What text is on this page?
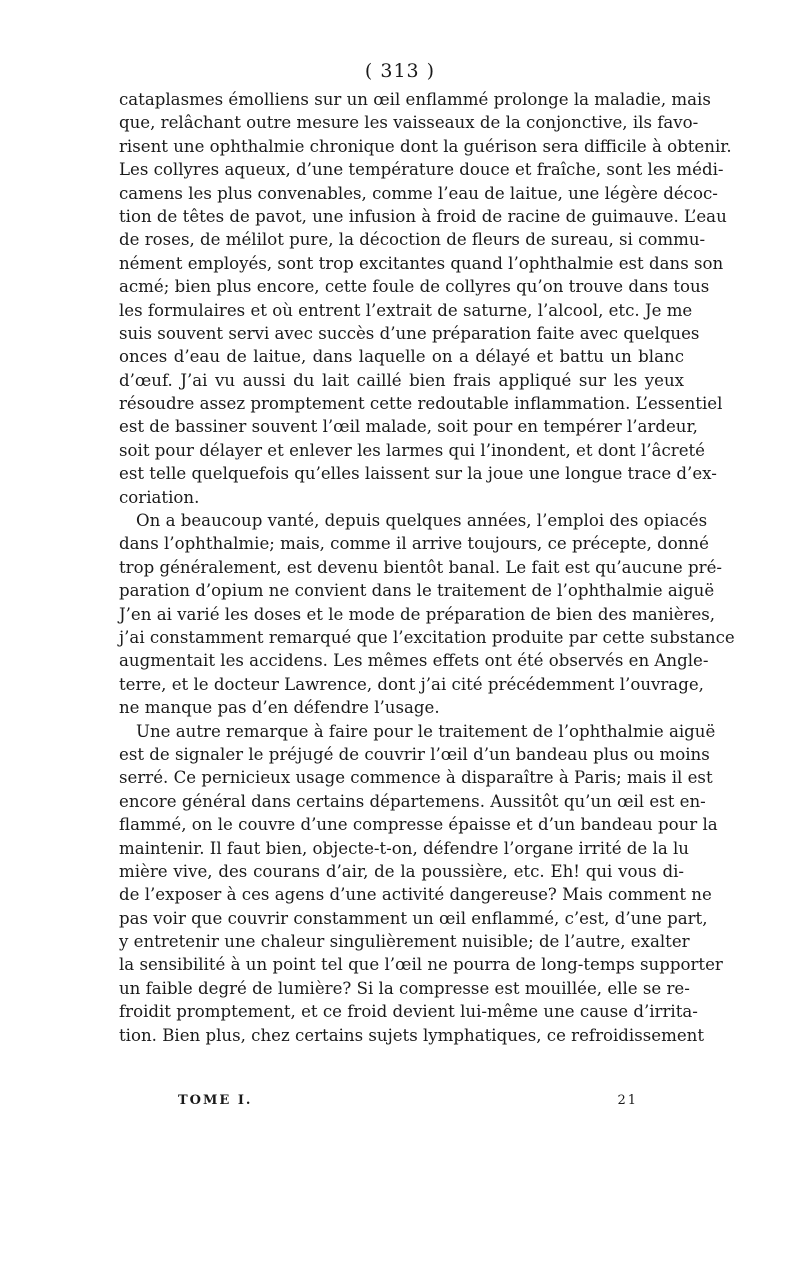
( 313 )
cataplasmes émolliens sur un œil enflammé prolonge la maladie, mais
que, relâchant outre mesure les vaisseaux de la conjonctive, ils favo-
risent une ophthalmie chronique dont la guérison sera difficile à obtenir.
Les collyres aqueux, d’une température douce et fraîche, sont les médi-
camens les plus convenables, comme l’eau de laitue, une légère décoc-
tion de têtes de pavot, une infusion à froid de racine de guimauve. L’eau
de roses, de mélilot pure, la décoction de fleurs de sureau, si commu-
nément employés, sont trop excitantes quand l’ophthalmie est dans son
acmé; bien plus encore, cette foule de collyres qu’on trouve dans tous
les formulaires et où entrent l’extrait de saturne, l’alcool, etc. Je me
suis souvent servi avec succès d’une préparation faite avec quelques
onces d’eau de laitue, dans laquelle on a délayé et battu un blanc
d’œuf. J’ai vu aussi du lait caillé bien frais appliqué sur les yeux
résoudre assez promptement cette redoutable inflammation. L’essentiel
est de bassiner souvent l’œil malade, soit pour en tempérer l’ardeur,
soit pour délayer et enlever les larmes qui l’inondent, et dont l’âcreté
est telle quelquefois qu’elles laissent sur la joue une longue trace d’ex-
coriation.
On a beaucoup vanté, depuis quelques années, l’emploi des opiacés
dans l’ophthalmie; mais, comme il arrive toujours, ce précepte, donné
trop généralement, est devenu bientôt banal. Le fait est qu’aucune pré-
paration d’opium ne convient dans le traitement de l’ophthalmie aiguë
J’en ai varié les doses et le mode de préparation de bien des manières,
j’ai constamment remarqué que l’excitation produite par cette substance
augmentait les accidens. Les mêmes effets ont été observés en Angle-
terre, et le docteur Lawrence, dont j’ai cité précédemment l’ouvrage,
ne manque pas d’en défendre l’usage.
Une autre remarque à faire pour le traitement de l’ophthalmie aiguë
est de signaler le préjugé de couvrir l’œil d’un bandeau plus ou moins
serré. Ce pernicieux usage commence à disparaître à Paris; mais il est
encore général dans certains départemens. Aussitôt qu’un œil est en-
flammé, on le couvre d’une compresse épaisse et d’un bandeau pour la
maintenir. Il faut bien, objecte-t-on, défendre l’organe irrité de la lu
mière vive, des courans d’air, de la poussière, etc. Eh! qui vous di-
de l’exposer à ces agens d’une activité dangereuse? Mais comment ne
pas voir que couvrir constamment un œil enflammé, c’est, d’une part,
y entretenir une chaleur singulièrement nuisible; de l’autre, exalter
la sensibilité à un point tel que l’œil ne pourra de long-temps supporter
un faible degré de lumière? Si la compresse est mouillée, elle se re-
froidit promptement, et ce froid devient lui-même une cause d’irrita-
tion. Bien plus, chez certains sujets lymphatiques, ce refroidissement
TOME I.	21
